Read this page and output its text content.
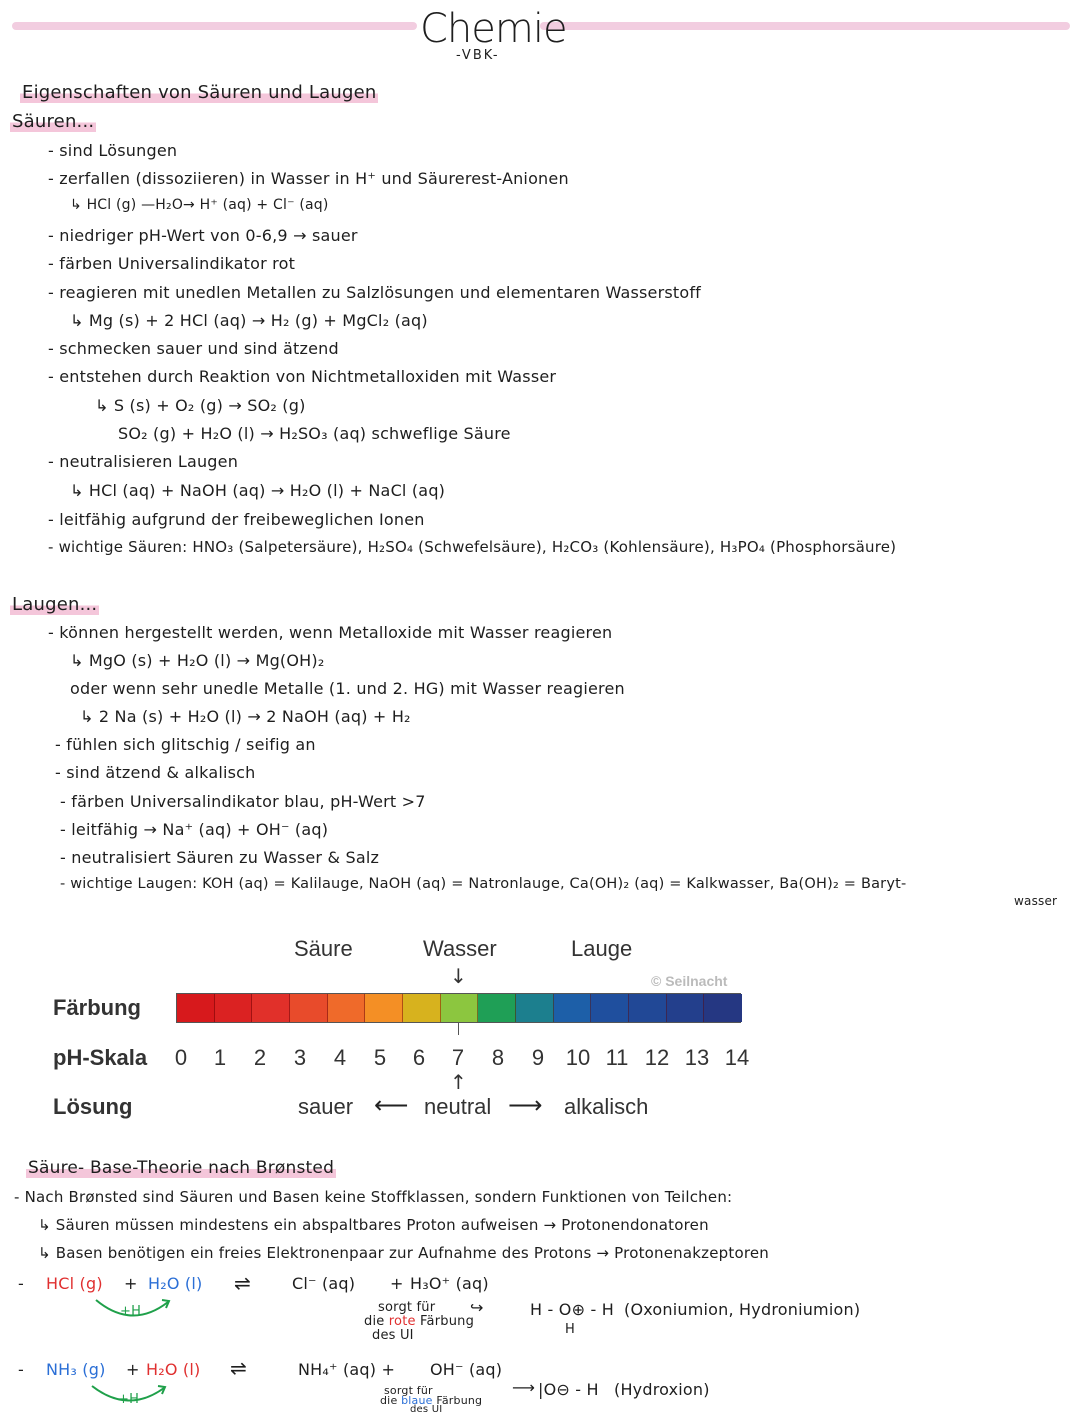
Chemie
-VBK-
Eigenschaften von Säuren und Laugen
Säuren...
- sind Lösungen
- zerfallen (dissoziieren) in Wasser in H⁺ und Säurerest-Anionen
↳ HCl (g) —H₂O→ H⁺ (aq) + Cl⁻ (aq)
- niedriger pH-Wert von 0-6,9 → sauer
- färben Universalindikator rot
- reagieren mit unedlen Metallen zu Salzlösungen und elementaren Wasserstoff
↳ Mg (s) + 2 HCl (aq) → H₂ (g) + MgCl₂ (aq)
- schmecken sauer und sind ätzend
- entstehen durch Reaktion von Nichtmetalloxiden mit Wasser
↳ S (s) + O₂ (g) → SO₂ (g)
SO₂ (g) + H₂O (l) → H₂SO₃ (aq) schweflige Säure
- neutralisieren Laugen
↳ HCl (aq) + NaOH (aq) → H₂O (l) + NaCl (aq)
- leitfähig aufgrund der freibeweglichen Ionen
- wichtige Säuren: HNO₃ (Salpetersäure), H₂SO₄ (Schwefelsäure), H₂CO₃ (Kohlensäure), H₃PO₄ (Phosphorsäure)
Laugen...
- können hergestellt werden, wenn Metalloxide mit Wasser reagieren
↳ MgO (s) + H₂O (l) → Mg(OH)₂
oder wenn sehr unedle Metalle (1. und 2. HG) mit Wasser reagieren
↳ 2 Na (s) + H₂O (l) → 2 NaOH (aq) + H₂
- fühlen sich glitschig / seifig an
- sind ätzend & alkalisch
- färben Universalindikator blau, pH-Wert >7
- leitfähig → Na⁺ (aq) + OH⁻ (aq)
- neutralisiert Säuren zu Wasser & Salz
- wichtige Laugen: KOH (aq) = Kalilauge, NaOH (aq) = Natronlauge, Ca(OH)₂ (aq) = Kalkwasser, Ba(OH)₂ = Baryt-
wasser
Säure	Wasser	Lauge
↓	© Seilnacht
Färbung
pH-Skala
Lösung
0	1	2	3	4	5	6	7	8	9 10 11 12 13 14
↑
sauer ⟵ neutral ⟶ alkalisch
Säure- Base-Theorie nach Brønsted
- Nach Brønsted sind Säuren und Basen keine Stoffklassen, sondern Funktionen von Teilchen:
↳ Säuren müssen mindestens ein abspaltbares Proton aufweisen → Protonendonatoren
↳ Basen benötigen ein freies Elektronenpaar zur Aufnahme des Protons → Protonenakzeptoren
- HCl (g) + H₂O (l) ⇌	Cl⁻ (aq) + H₃O⁺ (aq)
+H	sorgt für
die rote Färbung
des UI
↪	H - O⊕ - H
H
(Oxoniumion, Hydroniumion)
- NH₃ (g) + H₂O (l) ⇌	NH₄⁺ (aq) + OH⁻ (aq)
+H
sorgt für
die blaue Färbung
des UI
⟶ |O⊖ - H (Hydroxion)
